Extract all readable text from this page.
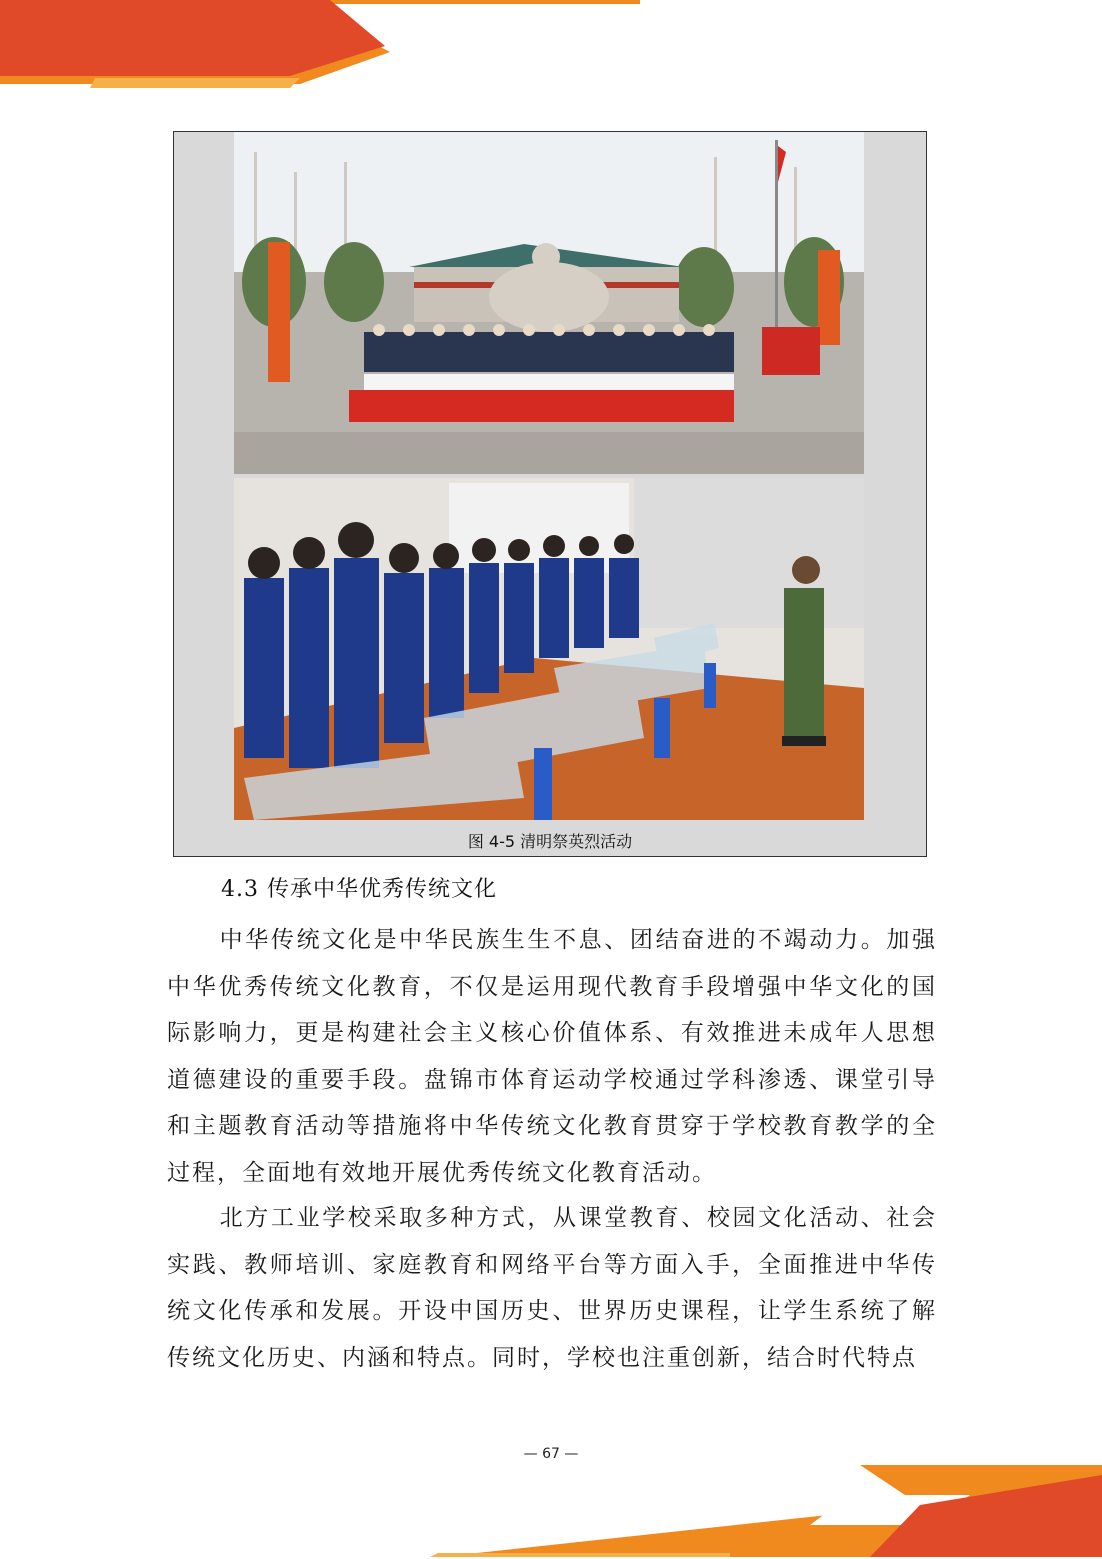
图 4-5 清明祭英烈活动
4.3 传承中华优秀传统文化
中华传统文化是中华民族生生不息、团结奋进的不竭动力。加强中华优秀传统文化教育，不仅是运用现代教育手段增强中华文化的国际影响力，更是构建社会主义核心价值体系、有效推进未成年人思想道德建设的重要手段。盘锦市体育运动学校通过学科渗透、课堂引导和主题教育活动等措施将中华传统文化教育贯穿于学校教育教学的全过程，全面地有效地开展优秀传统文化教育活动。
北方工业学校采取多种方式，从课堂教育、校园文化活动、社会实践、教师培训、家庭教育和网络平台等方面入手，全面推进中华传统文化传承和发展。开设中国历史、世界历史课程，让学生系统了解传统文化历史、内涵和特点。同时，学校也注重创新，结合时代特点
— 67 —
